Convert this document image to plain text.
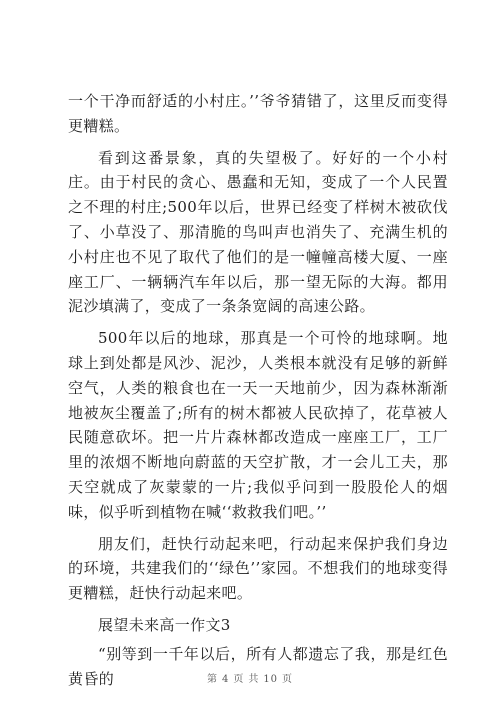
一个干净而舒适的小村庄。’’爷爷猜错了，这里反而变得更糟糕。

看到这番景象，真的失望极了。好好的一个小村庄。由于村民的贪心、愚蠢和无知，变成了一个人民置之不理的村庄;500年以后，世界已经变了样树木被砍伐了、小草没了、那清脆的鸟叫声也消失了、充满生机的小村庄也不见了取代了他们的是一幢幢高楼大厦、一座座工厂、一辆辆汽车年以后，那一望无际的大海。都用泥沙填满了，变成了一条条宽阔的高速公路。

500年以后的地球，那真是一个可怜的地球啊。地球上到处都是风沙、泥沙，人类根本就没有足够的新鲜空气，人类的粮食也在一天一天地前少，因为森林渐渐地被灰尘覆盖了;所有的树木都被人民砍掉了，花草被人民随意砍坏。把一片片森林都改造成一座座工厂，工厂里的浓烟不断地向蔚蓝的天空扩散，才一会儿工夫，那天空就成了灰蒙蒙的一片;我似乎问到一股股伦人的烟味，似乎听到植物在喊‘‘救救我们吧。’’

朋友们，赶快行动起来吧，行动起来保护我们身边的环境，共建我们的‘‘绿色’’家园。不想我们的地球变得更糟糕，赶快行动起来吧。

展望未来高一作文3

“别等到一千年以后，所有人都遗忘了我，那是红色黄昏的	第 4 页 共 10 页
